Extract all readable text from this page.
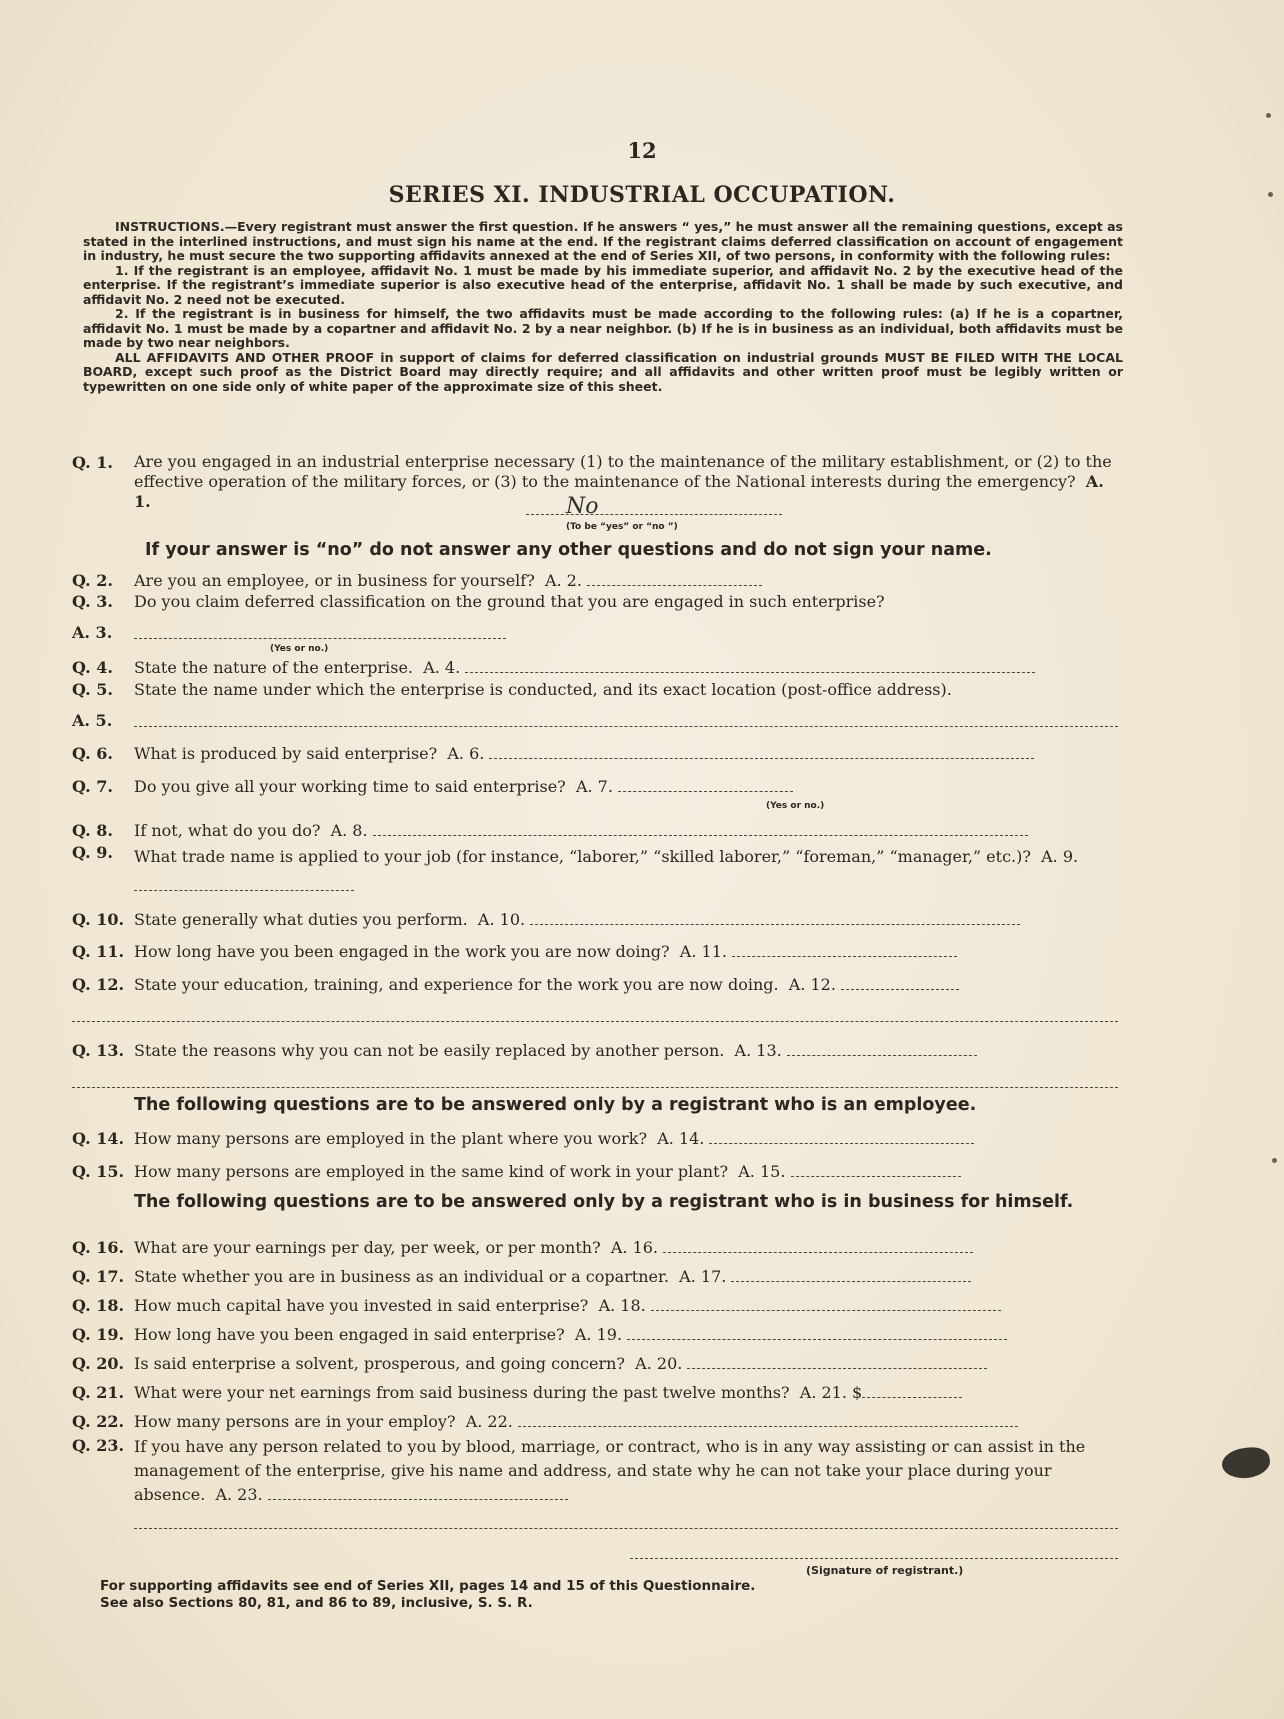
12
SERIES XI. INDUSTRIAL OCCUPATION.

INSTRUCTIONS.—Every registrant must answer the first question. If he answers “ yes,” he must answer all the remaining questions, except as stated in the interlined instructions, and must sign his name at the end. If the registrant claims deferred classification on account of engagement in industry, he must secure the two supporting affidavits annexed at the end of Series XII, of two persons, in conformity with the following rules:

1. If the registrant is an employee, affidavit No. 1 must be made by his immediate superior, and affidavit No. 2 by the executive head of the enterprise. If the registrant’s immediate superior is also executive head of the enterprise, affidavit No. 1 shall be made by such executive, and affidavit No. 2 need not be executed.

2. If the registrant is in business for himself, the two affidavits must be made according to the following rules: (a) If he is a copartner, affidavit No. 1 must be made by a copartner and affidavit No. 2 by a near neighbor. (b) If he is in business as an individual, both affidavits must be made by two near neighbors.

ALL AFFIDAVITS AND OTHER PROOF in support of claims for deferred classification on industrial grounds MUST BE FILED WITH THE LOCAL BOARD, except such proof as the District Board may directly require; and all affidavits and other written proof must be legibly written or typewritten on one side only of white paper of the approximate size of this sheet.

Q. 1. Are you engaged in an industrial enterprise necessary (1) to the maintenance of the military establishment, or (2) to the effective operation of the military forces, or (3) to the maintenance of the National interests during the emergency? A. 1.	No
(To be “yes” or “no ”)
If your answer is “no” do not answer any other questions and do not sign your name.
Q. 2. Are you an employee, or in business for yourself? A. 2.
Q. 3. Do you claim deferred classification on the ground that you are engaged in such enterprise?
A. 3.
(Yes or no.)
Q. 4. State the nature of the enterprise. A. 4.
Q. 5. State the name under which the enterprise is conducted, and its exact location (post-office address).
A. 5.
Q. 6. What is produced by said enterprise? A. 6.
Q. 7. Do you give all your working time to said enterprise? A. 7.
(Yes or no.)
Q. 8. If not, what do you do? A. 8.
Q. 9. What trade name is applied to your job (for instance, “laborer,” “skilled laborer,” “foreman,” “manager,” etc.)? A. 9.
Q. 10. State generally what duties you perform. A. 10.
Q. 11. How long have you been engaged in the work you are now doing? A. 11.
Q. 12. State your education, training, and experience for the work you are now doing. A. 12.
Q. 13. State the reasons why you can not be easily replaced by another person. A. 13.
The following questions are to be answered only by a registrant who is an employee.
Q. 14. How many persons are employed in the plant where you work? A. 14.
Q. 15. How many persons are employed in the same kind of work in your plant? A. 15.
The following questions are to be answered only by a registrant who is in business for himself.
Q. 16. What are your earnings per day, per week, or per month? A. 16.
Q. 17. State whether you are in business as an individual or a copartner. A. 17.
Q. 18. How much capital have you invested in said enterprise? A. 18.
Q. 19. How long have you been engaged in said enterprise? A. 19.
Q. 20. Is said enterprise a solvent, prosperous, and going concern? A. 20.
Q. 21. What were your net earnings from said business during the past twelve months? A. 21. $
Q. 22. How many persons are in your employ? A. 22.
Q. 23. If you have any person related to you by blood, marriage, or contract, who is in any way assisting or can assist in the management of the enterprise, give his name and address, and state why he can not take your place during your absence. A. 23.
(Signature of registrant.)
For supporting affidavits see end of Series XII, pages 14 and 15 of this Questionnaire.
See also Sections 80, 81, and 86 to 89, inclusive, S. S. R.
